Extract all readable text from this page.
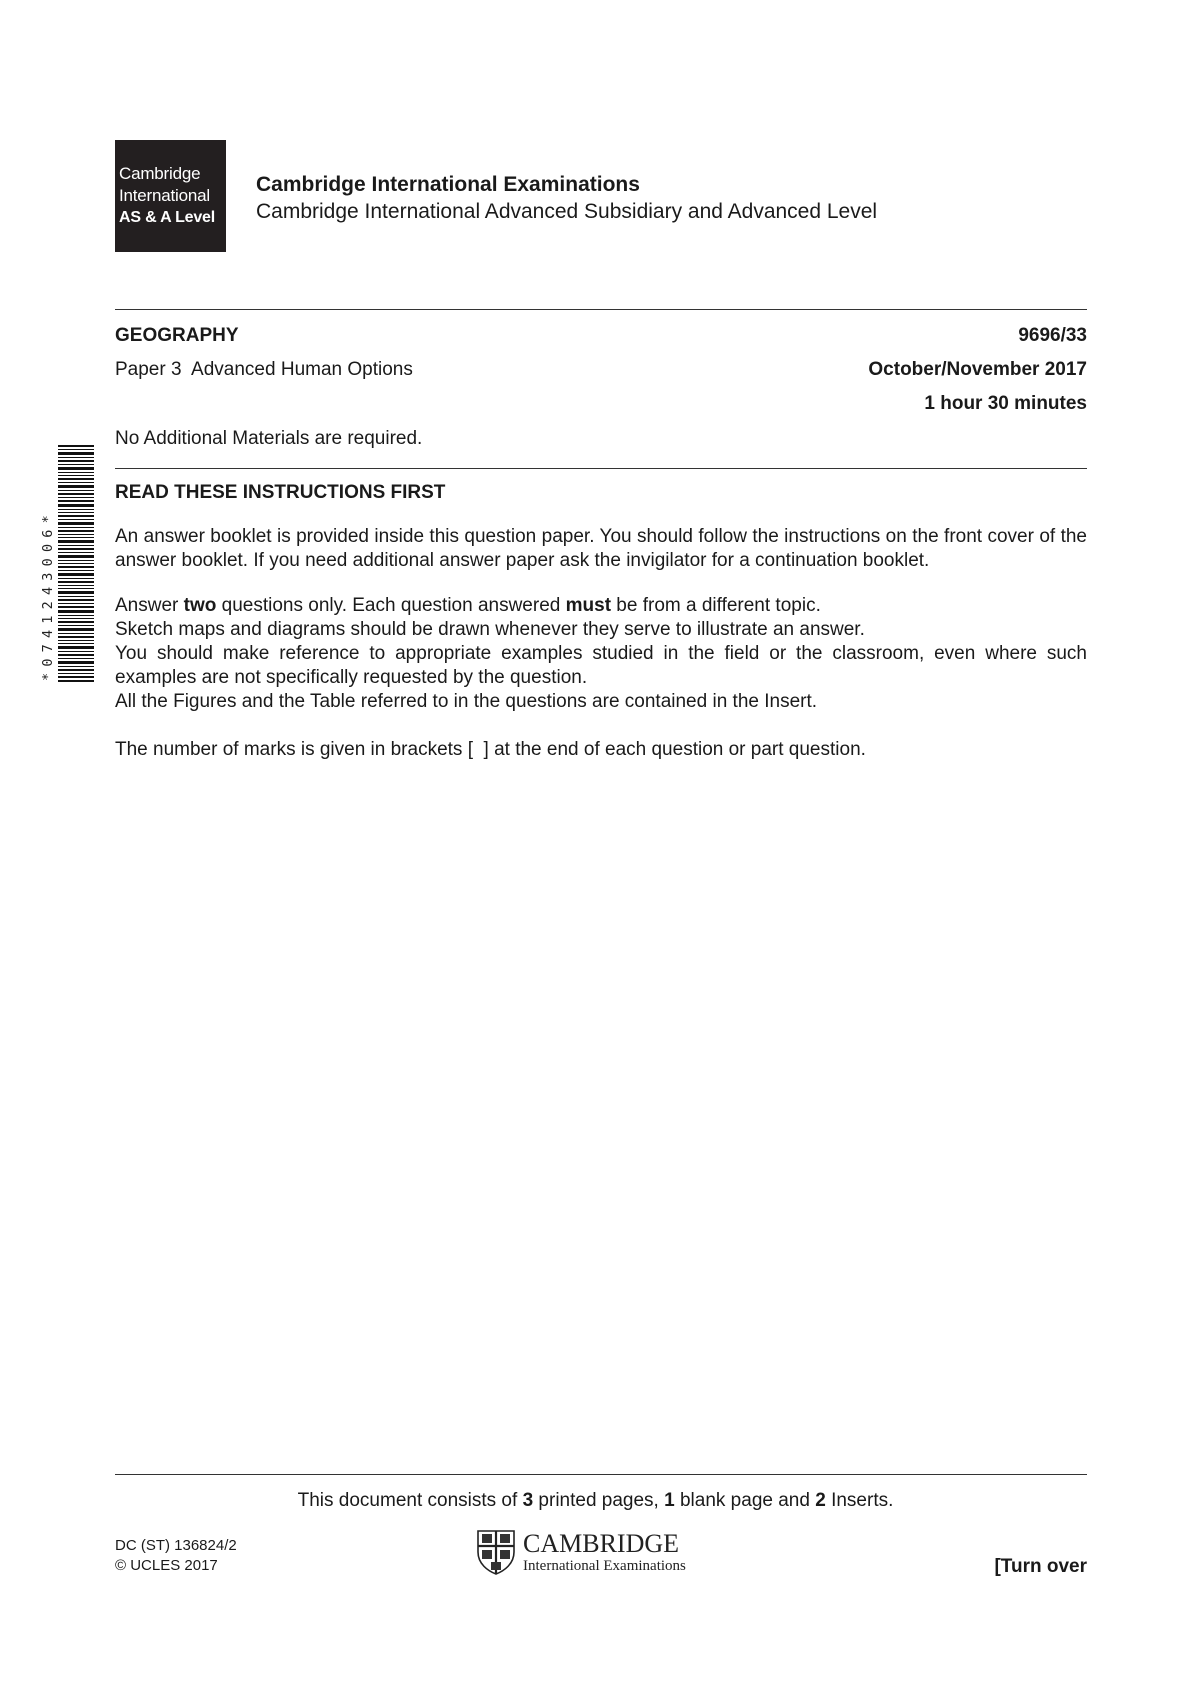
Cambridge
International
AS & A Level
Cambridge International Examinations
Cambridge International Advanced Subsidiary and Advanced Level
GEOGRAPHY	9696/33
Paper 3  Advanced Human Options	October/November 2017
1 hour 30 minutes
No Additional Materials are required.
*0741243006*
READ THESE INSTRUCTIONS FIRST
An answer booklet is provided inside this question paper. You should follow the instructions on the front cover of the answer booklet. If you need additional answer paper ask the invigilator for a continuation booklet.
Answer two questions only. Each question answered must be from a different topic.
Sketch maps and diagrams should be drawn whenever they serve to illustrate an answer.
You should make reference to appropriate examples studied in the field or the classroom, even where such examples are not specifically requested by the question.
All the Figures and the Table referred to in the questions are contained in the Insert.
The number of marks is given in brackets [  ] at the end of each question or part question.
This document consists of 3 printed pages, 1 blank page and 2 Inserts.
DC (ST) 136824/2
© UCLES 2017
CAMBRIDGE
International Examinations	[Turn over
